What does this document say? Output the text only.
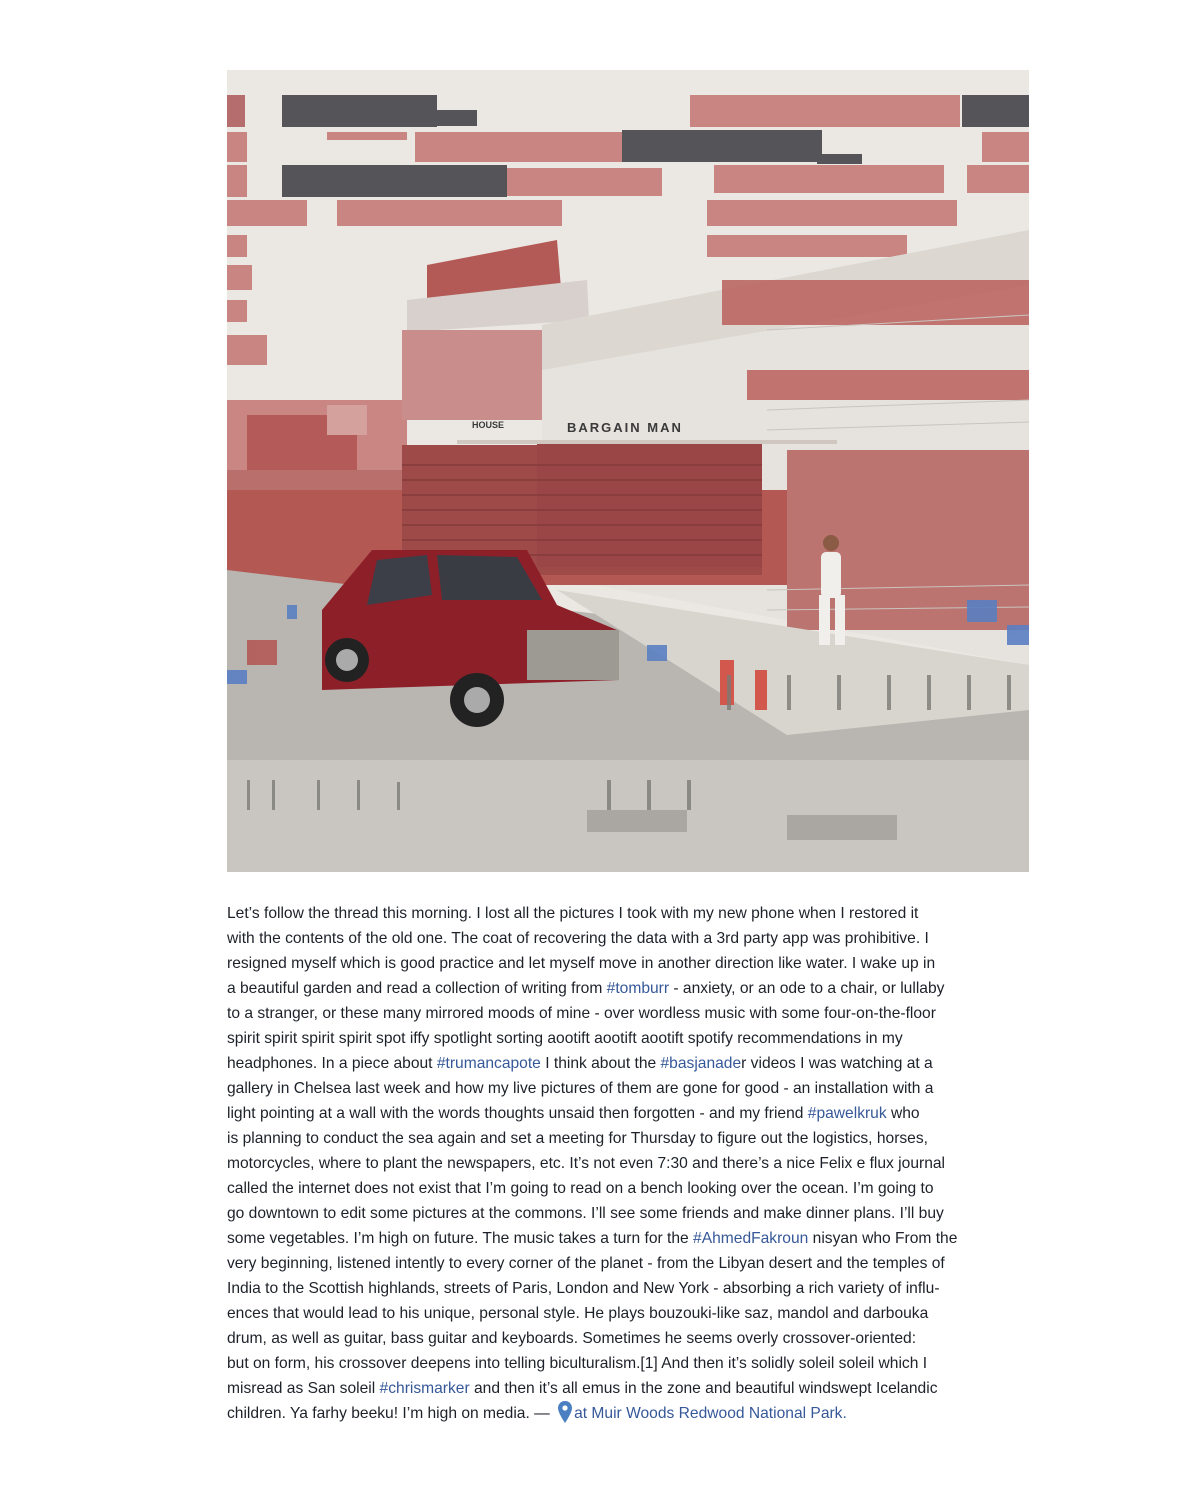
BARGAIN MAN
HOUSE
Let’s follow the thread this morning. I lost all the pictures I took with my new phone when I restored it
with the contents of the old one. The coat of recovering the data with a 3rd party app was prohibitive. I
resigned myself which is good practice and let myself move in another direction like water. I wake up in
a beautiful garden and read a collection of writing from #tomburr - anxiety, or an ode to a chair, or lullaby
to a stranger, or these many mirrored moods of mine - over wordless music with some four-on-the-floor
spirit spirit spirit spirit spot iffy spotlight sorting aootift aootift aootift spotify recommendations in my
headphones. In a piece about #trumancapote I think about the #basjanader videos I was watching at a
gallery in Chelsea last week and how my live pictures of them are gone for good - an installation with a
light pointing at a wall with the words thoughts unsaid then forgotten - and my friend #pawelkruk who
is planning to conduct the sea again and set a meeting for Thursday to figure out the logistics, horses,
motorcycles, where to plant the newspapers, etc. It’s not even 7:30 and there’s a nice Felix e flux journal
called the internet does not exist that I’m going to read on a bench looking over the ocean. I’m going to
go downtown to edit some pictures at the commons. I’ll see some friends and make dinner plans. I’ll buy
some vegetables. I’m high on future. The music takes a turn for the #AhmedFakroun nisyan who From the
very beginning, listened intently to every corner of the planet - from the Libyan desert and the temples of
India to the Scottish highlands, streets of Paris, London and New York - absorbing a rich variety of influ-
ences that would lead to his unique, personal style. He plays bouzouki-like saz, mandol and darbouka
drum, as well as guitar, bass guitar and keyboards. Sometimes he seems overly crossover-oriented:
but on form, his crossover deepens into telling biculturalism.[1] And then it’s solidly soleil soleil which I
misread as San soleil #chrismarker and then it’s all emus in the zone and beautiful windswept Icelandic
children. Ya farhy beeku! I’m high on media. — at Muir Woods Redwood National Park.
